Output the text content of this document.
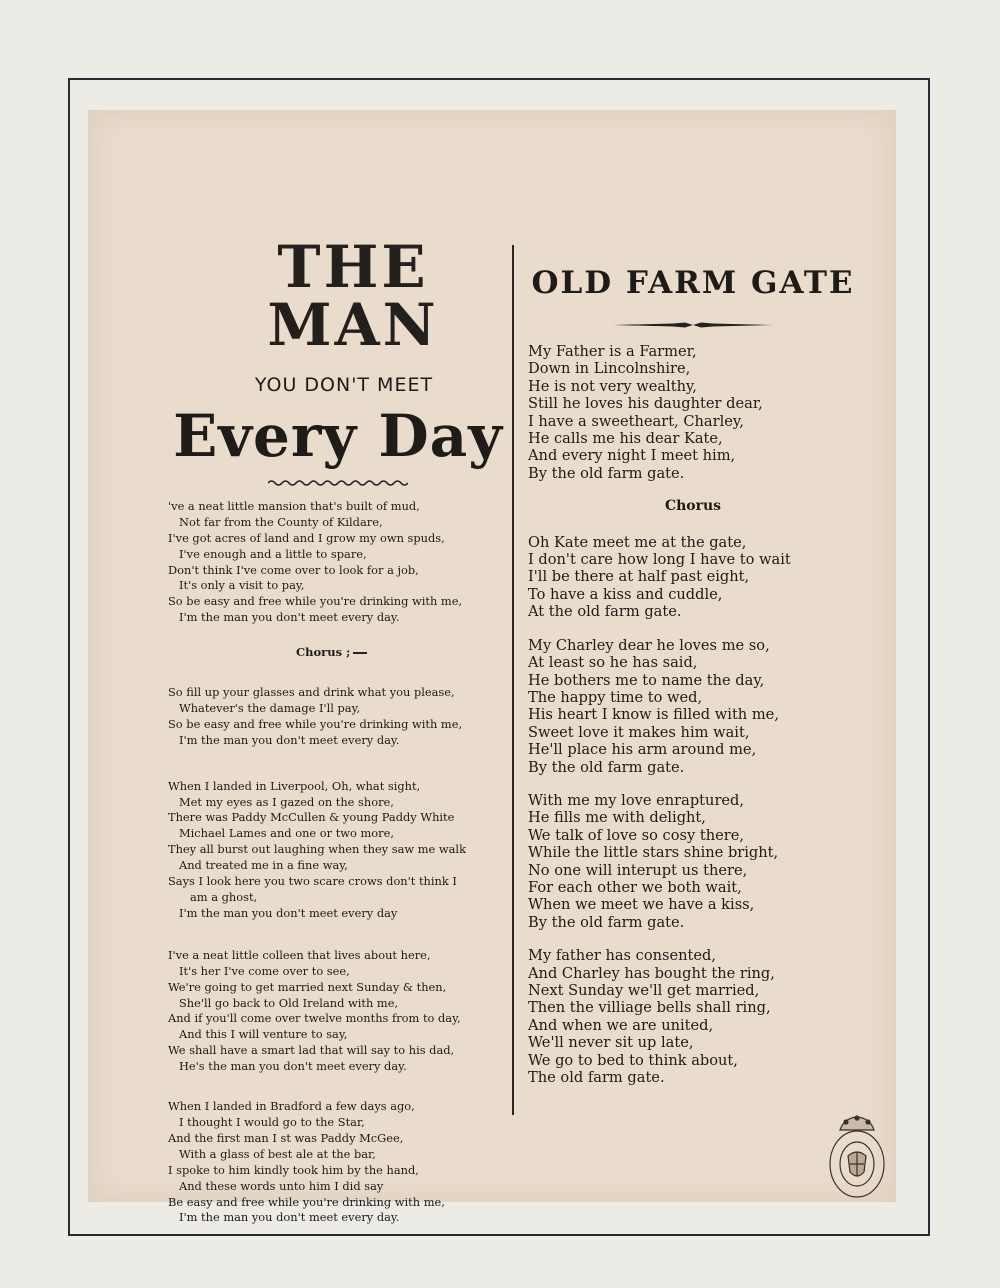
THE MAN
YOU DON'T MEET
Every Day
've a neat little mansion that's built of mud,
Not far from the County of Kildare,
I've got acres of land and I grow my own spuds,
I've enough and a little to spare,
Don't think I've come over to look for a job,
It's only a visit to pay,
So be easy and free while you're drinking with me,
I'm the man you don't meet every day.
Chorus ;
So fill up your glasses and drink what you please,
Whatever's the damage I'll pay,
So be easy and free while you're drinking with me,
I'm the man you don't meet every day.
When I landed in Liverpool, Oh, what sight,
Met my eyes as I gazed on the shore,
There was Paddy McCullen & young Paddy White
Michael Lames and one or two more,
They all burst out laughing when they saw me walk
And treated me in a fine way,
Says I look here you two scare crows don't think I
am a ghost,
I'm the man you don't meet every day
I've a neat little colleen that lives about here,
It's her I've come over to see,
We're going to get married next Sunday & then,
She'll go back to Old Ireland with me,
And if you'll come over twelve months from to day,
And this I will venture to say,
We shall have a smart lad that will say to his dad,
He's the man you don't meet every day.
When I landed in Bradford a few days ago,
I thought I would go to the Star,
And the first man I st was Paddy McGee,
With a glass of best ale at the bar,
I spoke to him kindly took him by the hand,
And these words unto him I did say
Be easy and free while you're drinking with me,
I'm the man you don't meet every day.
OLD FARM GATE
My Father is a Farmer,
Down in Lincolnshire,
He is not very wealthy,
Still he loves his daughter dear,
I have a sweetheart, Charley,
He calls me his dear Kate,
And every night I meet him,
By the old farm gate.
Chorus
Oh Kate meet me at the gate,
I don't care how long I have to wait
I'll be there at half past eight,
To have a kiss and cuddle,
At the old farm gate.
My Charley dear he loves me so,
At least so he has said,
He bothers me to name the day,
The happy time to wed,
His heart I know is filled with me,
Sweet love it makes him wait,
He'll place his arm around me,
By the old farm gate.
With me my love enraptured,
He fills me with delight,
We talk of love so cosy there,
While the little stars shine bright,
No one will interupt us there,
For each other we both wait,
When we meet we have a kiss,
By the old farm gate.
My father has consented,
And Charley has bought the ring,
Next Sunday we'll get married,
Then the villiage bells shall ring,
And when we are united,
We'll never sit up late,
We go to bed to think about,
The old farm gate.
